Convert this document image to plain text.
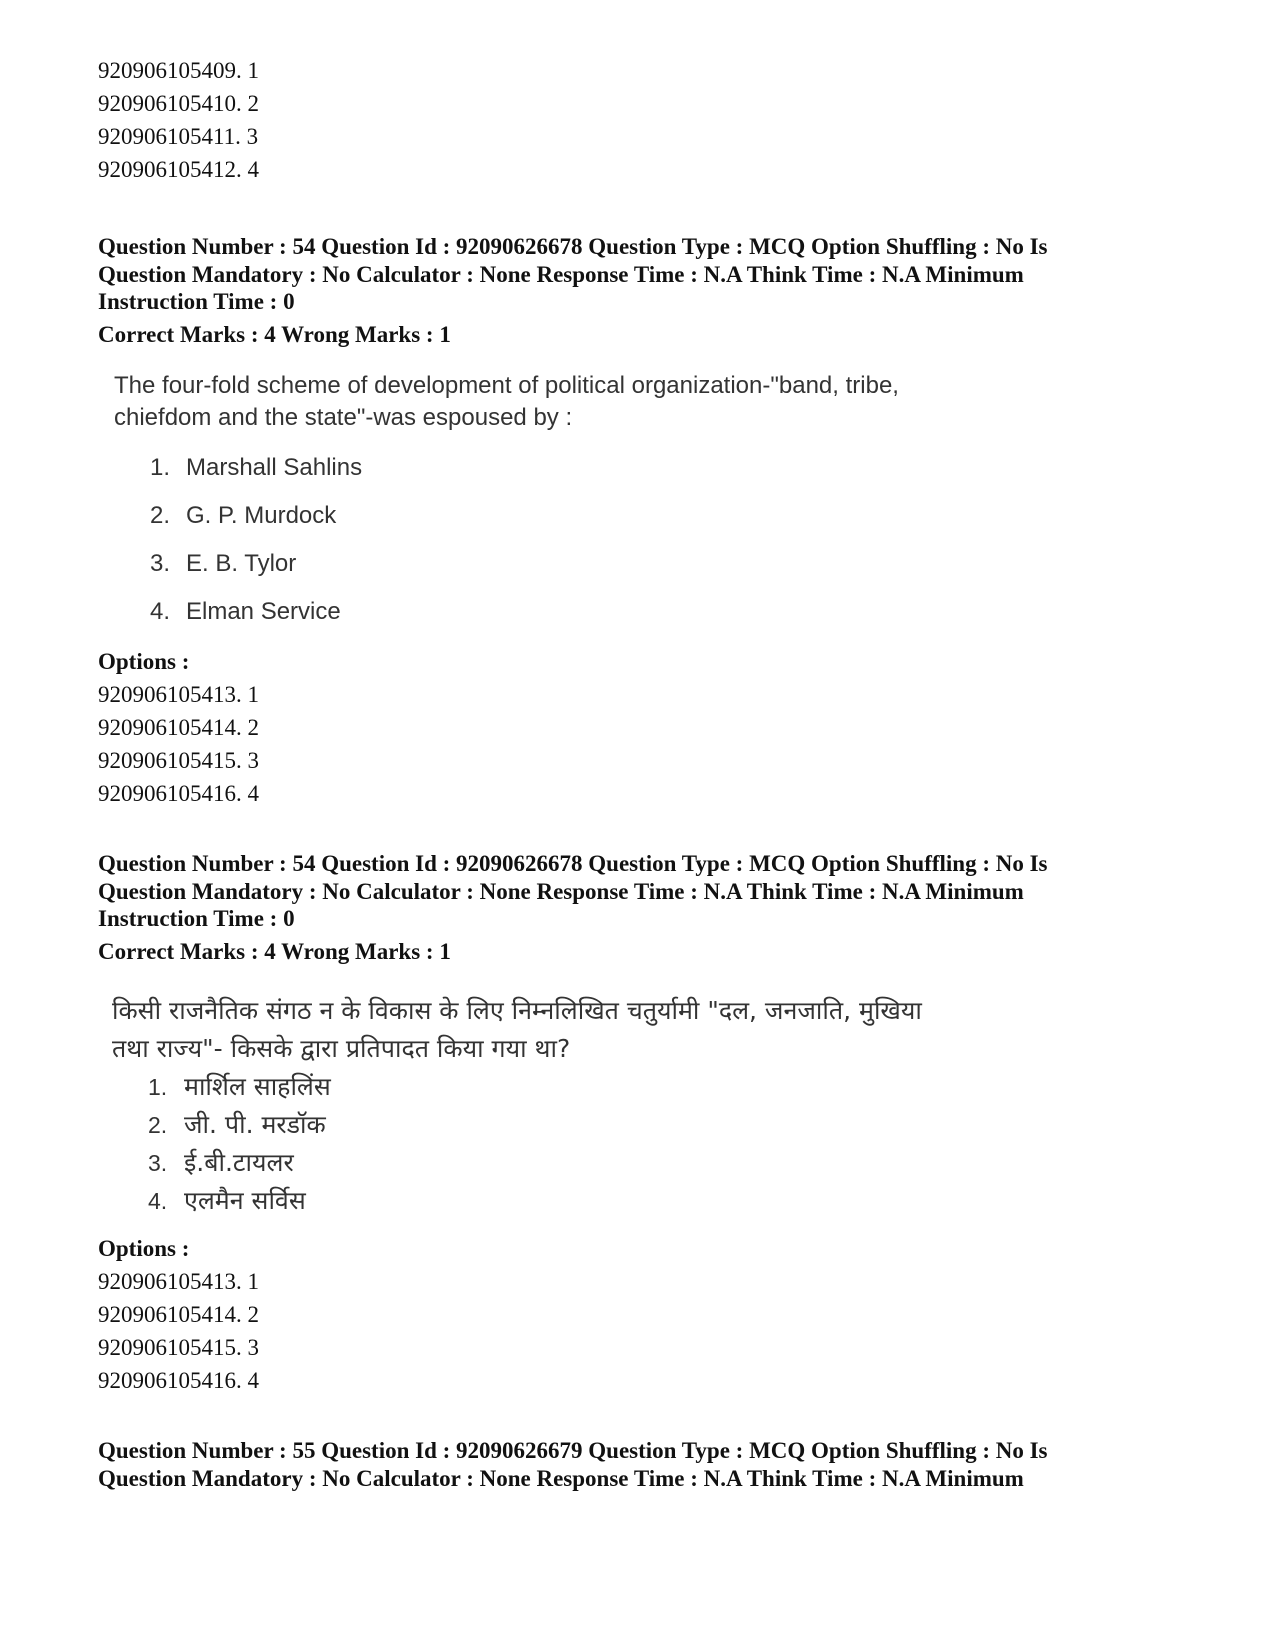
920906105409. 1
920906105410. 2
920906105411. 3
920906105412. 4
Question Number : 54 Question Id : 92090626678 Question Type : MCQ Option Shuffling : No Is
Question Mandatory : No Calculator : None Response Time : N.A Think Time : N.A Minimum
Instruction Time : 0
Correct Marks : 4 Wrong Marks : 1
The four-fold scheme of development of political organization-"band, tribe,
chiefdom and the state"-was espoused by :
1. Marshall Sahlins
2. G. P. Murdock
3. E. B. Tylor
4. Elman Service
Options :
920906105413. 1
920906105414. 2
920906105415. 3
920906105416. 4
Question Number : 54 Question Id : 92090626678 Question Type : MCQ Option Shuffling : No Is
Question Mandatory : No Calculator : None Response Time : N.A Think Time : N.A Minimum
Instruction Time : 0
Correct Marks : 4 Wrong Marks : 1
किसी राजनैतिक संगठ न के विकास के लिए निम्नलिखित चतुर्यामी "दल, जनजाति, मुखिया
तथा राज्य"- किसके द्वारा प्रतिपादत किया गया था?
1. मार्शिल साहलिंस
2. जी. पी. मरडॉक
3. ई.बी.टायलर
4. एलमैन सर्विस
Options :
920906105413. 1
920906105414. 2
920906105415. 3
920906105416. 4
Question Number : 55 Question Id : 92090626679 Question Type : MCQ Option Shuffling : No Is
Question Mandatory : No Calculator : None Response Time : N.A Think Time : N.A Minimum
